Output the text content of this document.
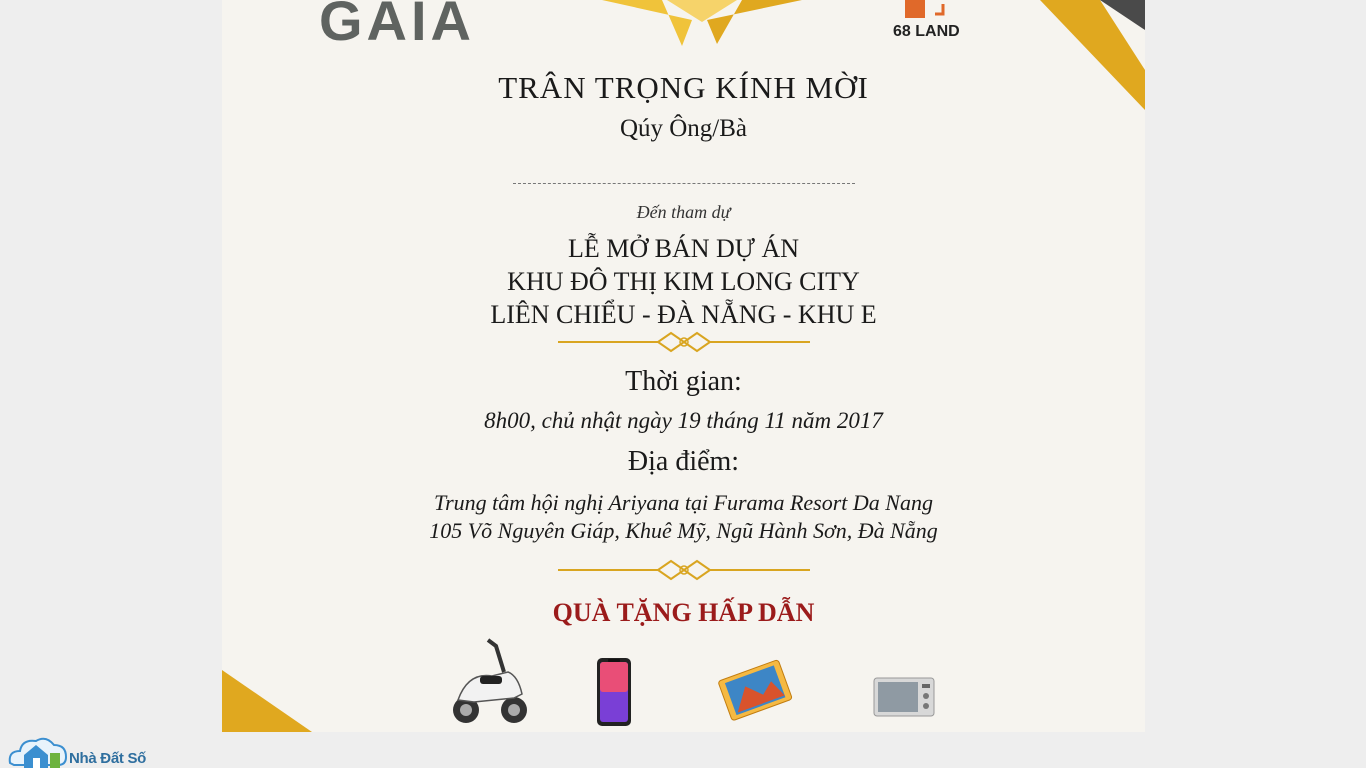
GAIA	68 LAND
TRÂN TRỌNG KÍNH MỜI
Qúy Ông/Bà
Đến tham dự
LỄ MỞ BÁN DỰ ÁN
KHU ĐÔ THỊ KIM LONG CITY
LIÊN CHIỂU - ĐÀ NẴNG - KHU E
Thời gian:
8h00, chủ nhật ngày 19 tháng 11 năm 2017
Địa điểm:
Trung tâm hội nghị Ariyana tại Furama Resort Da Nang
105 Võ Nguyên Giáp, Khuê Mỹ, Ngũ Hành Sơn, Đà Nẵng
QUÀ TẶNG HẤP DẪN
Nhà Đất Số
